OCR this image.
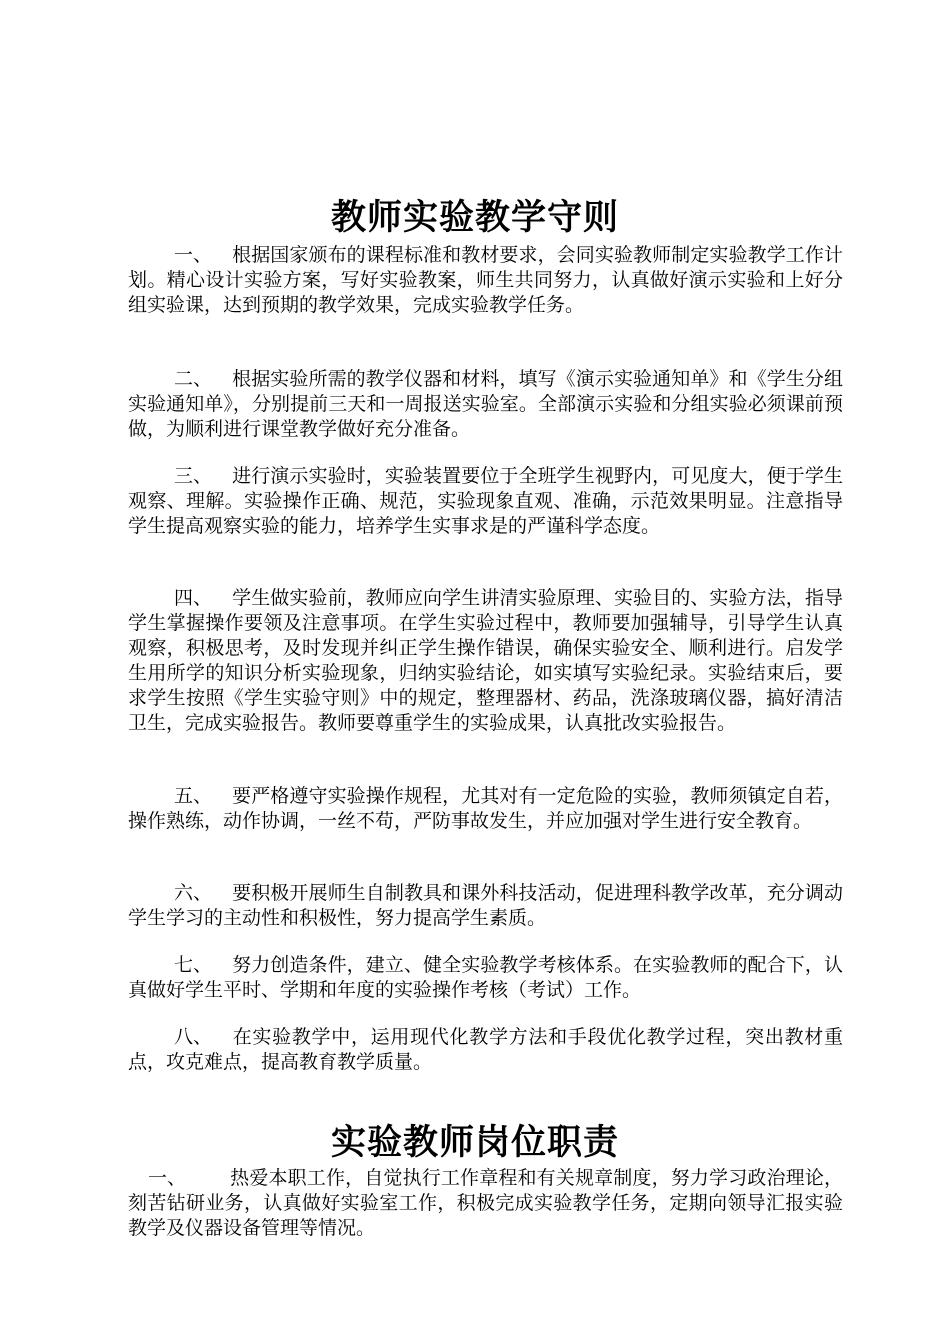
教师实验教学守则

一、 根据国家颁布的课程标准和教材要求，会同实验教师制定实验教学工作计划。精心设计实验方案，写好实验教案，师生共同努力，认真做好演示实验和上好分组实验课，达到预期的教学效果，完成实验教学任务。

二、 根据实验所需的教学仪器和材料，填写《演示实验通知单》和《学生分组实验通知单》，分别提前三天和一周报送实验室。全部演示实验和分组实验必须课前预做，为顺利进行课堂教学做好充分准备。

三、 进行演示实验时，实验装置要位于全班学生视野内，可见度大，便于学生观察、理解。实验操作正确、规范，实验现象直观、准确，示范效果明显。注意指导学生提高观察实验的能力，培养学生实事求是的严谨科学态度。

四、 学生做实验前，教师应向学生讲清实验原理、实验目的、实验方法，指导学生掌握操作要领及注意事项。在学生实验过程中，教师要加强辅导，引导学生认真观察，积极思考，及时发现并纠正学生操作错误，确保实验安全、顺利进行。启发学生用所学的知识分析实验现象，归纳实验结论，如实填写实验纪录。实验结束后，要求学生按照《学生实验守则》中的规定，整理器材、药品，洗涤玻璃仪器，搞好清洁卫生，完成实验报告。教师要尊重学生的实验成果，认真批改实验报告。

五、 要严格遵守实验操作规程，尤其对有一定危险的实验，教师须镇定自若，操作熟练，动作协调，一丝不苟，严防事故发生，并应加强对学生进行安全教育。

六、 要积极开展师生自制教具和课外科技活动，促进理科教学改革，充分调动学生学习的主动性和积极性，努力提高学生素质。

七、 努力创造条件，建立、健全实验教学考核体系。在实验教师的配合下，认真做好学生平时、学期和年度的实验操作考核（考试）工作。

八、 在实验教学中，运用现代化教学方法和手段优化教学过程，突出教材重点，攻克难点，提高教育教学质量。

实验教师岗位职责

一、 热爱本职工作，自觉执行工作章程和有关规章制度，努力学习政治理论，刻苦钻研业务，认真做好实验室工作，积极完成实验教学任务，定期向领导汇报实验教学及仪器设备管理等情况。
